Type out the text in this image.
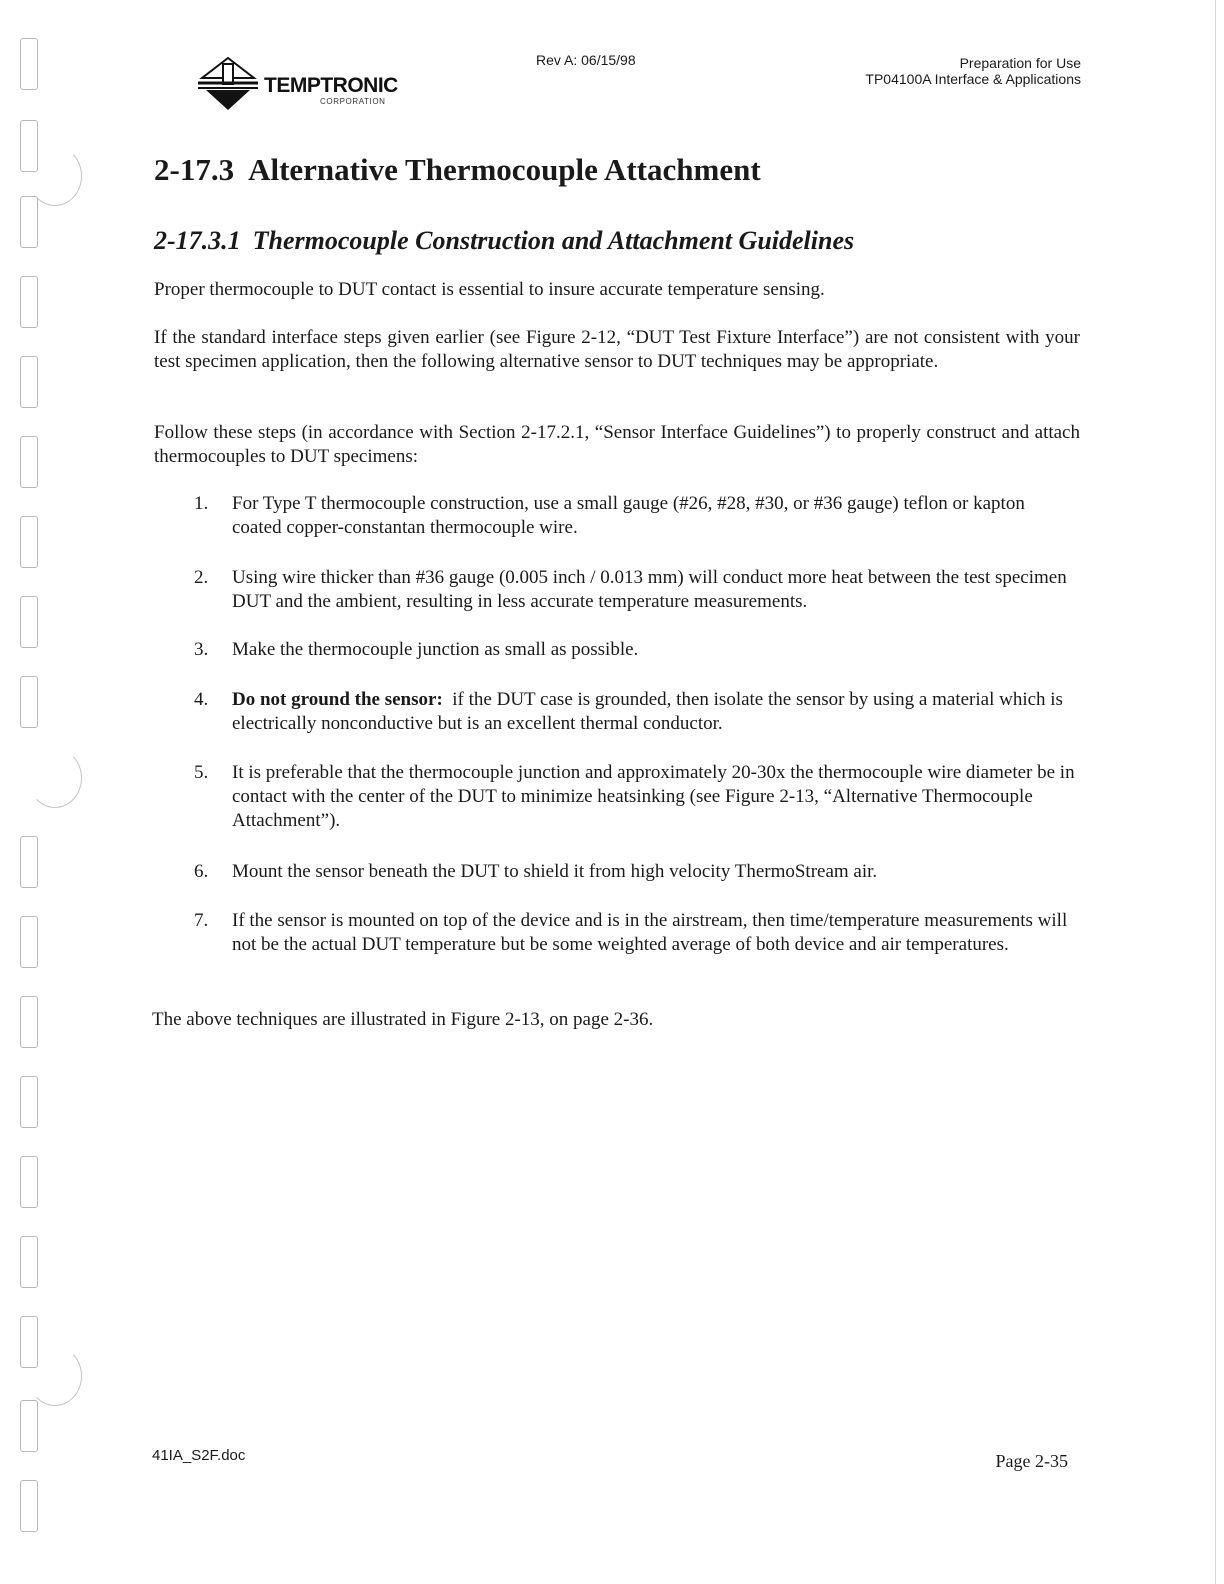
TEMPTRONIC
CORPORATION
Rev A: 06/15/98	Preparation for Use
TP04100A Interface & Applications
2-17.3 Alternative Thermocouple Attachment
2-17.3.1 Thermocouple Construction and Attachment Guidelines

Proper thermocouple to DUT contact is essential to insure accurate temperature sensing.

If the standard interface steps given earlier (see Figure 2-12, “DUT Test Fixture Interface”) are not consistent with your test specimen application, then the following alternative sensor to DUT techniques may be appropriate.

Follow these steps (in accordance with Section 2-17.2.1, “Sensor Interface Guidelines”) to properly construct and attach thermocouples to DUT specimens:

1.	For Type T thermocouple construction, use a small gauge (#26, #28, #30, or #36 gauge) teflon or kapton coated copper-constantan thermocouple wire.
2.	Using wire thicker than #36 gauge (0.005 inch / 0.013 mm) will conduct more heat between the test specimen DUT and the ambient, resulting in less accurate temperature measurements.
3.	Make the thermocouple junction as small as possible.
4.	Do not ground the sensor: if the DUT case is grounded, then isolate the sensor by using a material which is electrically nonconductive but is an excellent thermal conductor.
5.	It is preferable that the thermocouple junction and approximately 20-30x the thermocouple wire diameter be in contact with the center of the DUT to minimize heatsinking (see Figure 2-13, “Alternative Thermocouple Attachment”).
6.	Mount the sensor beneath the DUT to shield it from high velocity ThermoStream air.
7.	If the sensor is mounted on top of the device and is in the airstream, then time/temperature measurements will not be the actual DUT temperature but be some weighted average of both device and air temperatures.

The above techniques are illustrated in Figure 2-13, on page 2-36.

41IA_S2F.doc	Page 2-35
